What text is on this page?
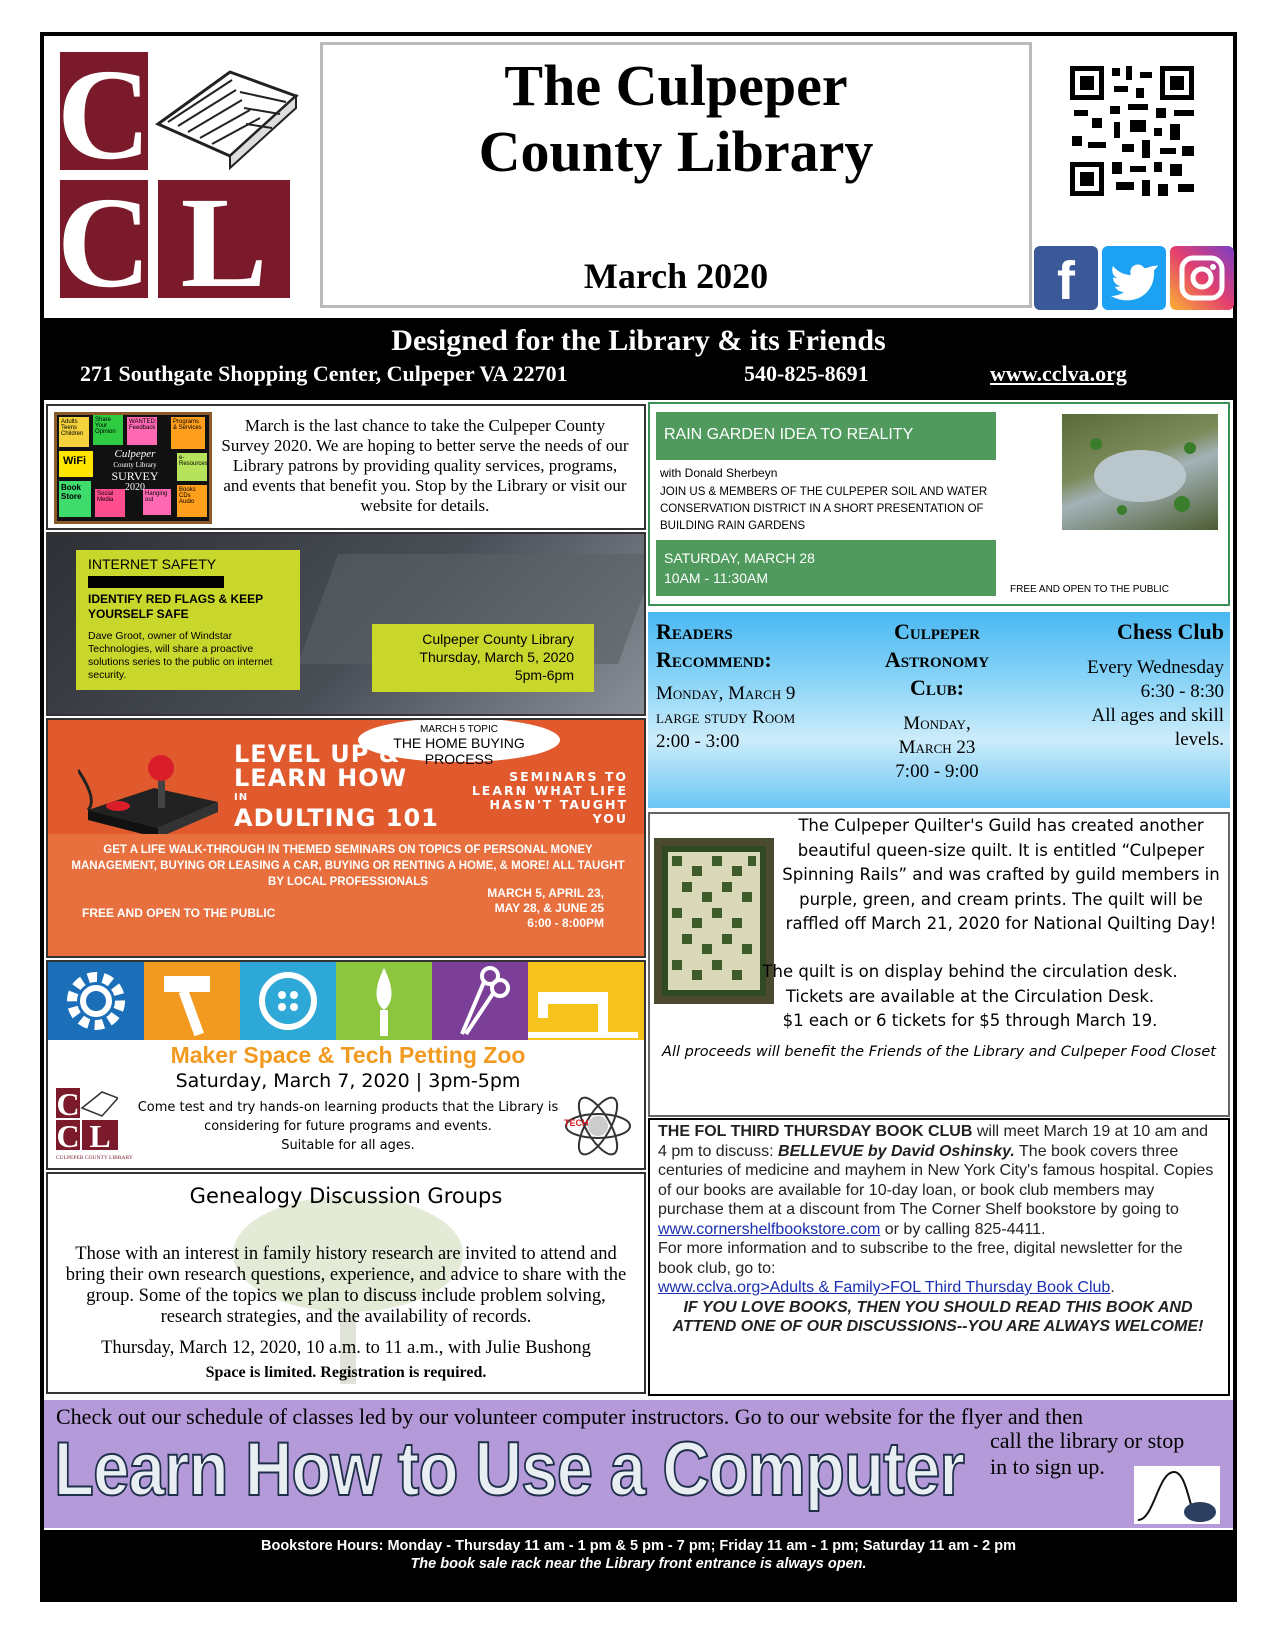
C
C L
The Culpeper
County Library
March 2020	f
Designed for the Library & its Friends
271 Southgate Shopping Center, Culpeper VA 22701	540-825-8691	www.cclva.org
Adults Teens Children
Share Your Opinion
WANTED: Feedback
Programs & Services
WiFi
Book Store	Social Media
e-Resources
Books CDs Audio
Hanging out
Culpeper
County Library
SURVEY
2020
March is the last chance to take the Culpeper County Survey 2020. We are hoping to better serve the needs of our Library patrons by providing quality services, programs, and events that benefit you. Stop by the Library or visit our website for details.
INTERNET SAFETY
IDENTIFY RED FLAGS & KEEP YOURSELF SAFE
Dave Groot, owner of Windstar Technologies, will share a proactive solutions series to the public on internet security.
Culpeper County Library
Thursday, March 5, 2020
5pm-6pm
MARCH 5 TOPIC
THE HOME BUYING PROCESS
LEVEL UP &
LEARN HOW
IN
ADULTING 101
SEMINARS TO LEARN WHAT LIFE HASN'T TAUGHT YOU
GET A LIFE WALK-THROUGH IN THEMED SEMINARS ON TOPICS OF PERSONAL MONEY MANAGEMENT, BUYING OR LEASING A CAR, BUYING OR RENTING A HOME, & MORE! ALL TAUGHT BY LOCAL PROFESSIONALS
FREE AND OPEN TO THE PUBLIC
MARCH 5, APRIL 23,
MAY 28, & JUNE 25
6:00 - 8:00PM
Maker Space & Tech Petting Zoo
Saturday, March 7, 2020 | 3pm-5pm
Come test and try hands-on learning products that the Library is considering for future programs and events.
Suitable for all ages.
C
C L
CULPEPER COUNTY LIBRARY
TECH
Genealogy Discussion Groups
Those with an interest in family history research are invited to attend and bring their own research questions, experience, and advice to share with the group. Some of the topics we plan to discuss include problem solving, research strategies, and the availability of records.
Thursday, March 12, 2020, 10 a.m. to 11 a.m., with Julie Bushong
Space is limited. Registration is required.
RAIN GARDEN IDEA TO REALITY
with Donald Sherbeyn
JOIN US & MEMBERS OF THE CULPEPER SOIL AND WATER CONSERVATION DISTRICT IN A SHORT PRESENTATION OF BUILDING RAIN GARDENS
SATURDAY, MARCH 28
10AM - 11:30AM
FREE AND OPEN TO THE PUBLIC
Readers
Recommend:
Monday, March 9
large study Room
2:00 - 3:00
Culpeper
Astronomy
Club:
Monday,
March 23
7:00 - 9:00
Chess Club
Every Wednesday
6:30 - 8:30
All ages and skill
levels.
The Culpeper Quilter's Guild has created another beautiful queen-size quilt. It is entitled “Culpeper Spinning Rails” and was crafted by guild members in purple, green, and cream prints. The quilt will be raffled off March 21, 2020 for National Quilting Day!
The quilt is on display behind the circulation desk.
Tickets are available at the Circulation Desk.
$1 each or 6 tickets for $5 through March 19.
All proceeds will benefit the Friends of the Library and Culpeper Food Closet
THE FOL THIRD THURSDAY BOOK CLUB will meet March 19 at 10 am and 4 pm to discuss: BELLEVUE by David Oshinsky. The book covers three centuries of medicine and mayhem in New York City's famous hospital. Copies of our books are available for 10-day loan, or book club members may purchase them at a discount from The Corner Shelf bookstore by going to
www.cornershelfbookstore.com or by calling 825-4411.
For more information and to subscribe to the free, digital newsletter for the book club, go to:
www.cclva.org>Adults & Family>FOL Third Thursday Book Club.
IF YOU LOVE BOOKS, THEN YOU SHOULD READ THIS BOOK AND ATTEND ONE OF OUR DISCUSSIONS--YOU ARE ALWAYS WELCOME!
Check out our schedule of classes led by our volunteer computer instructors. Go to our website for the flyer and then
call the library or stop
in to sign up.
Learn How to Use a Computer
Bookstore Hours: Monday - Thursday 11 am - 1 pm & 5 pm - 7 pm; Friday 11 am - 1 pm; Saturday 11 am - 2 pm
The book sale rack near the Library front entrance is always open.
